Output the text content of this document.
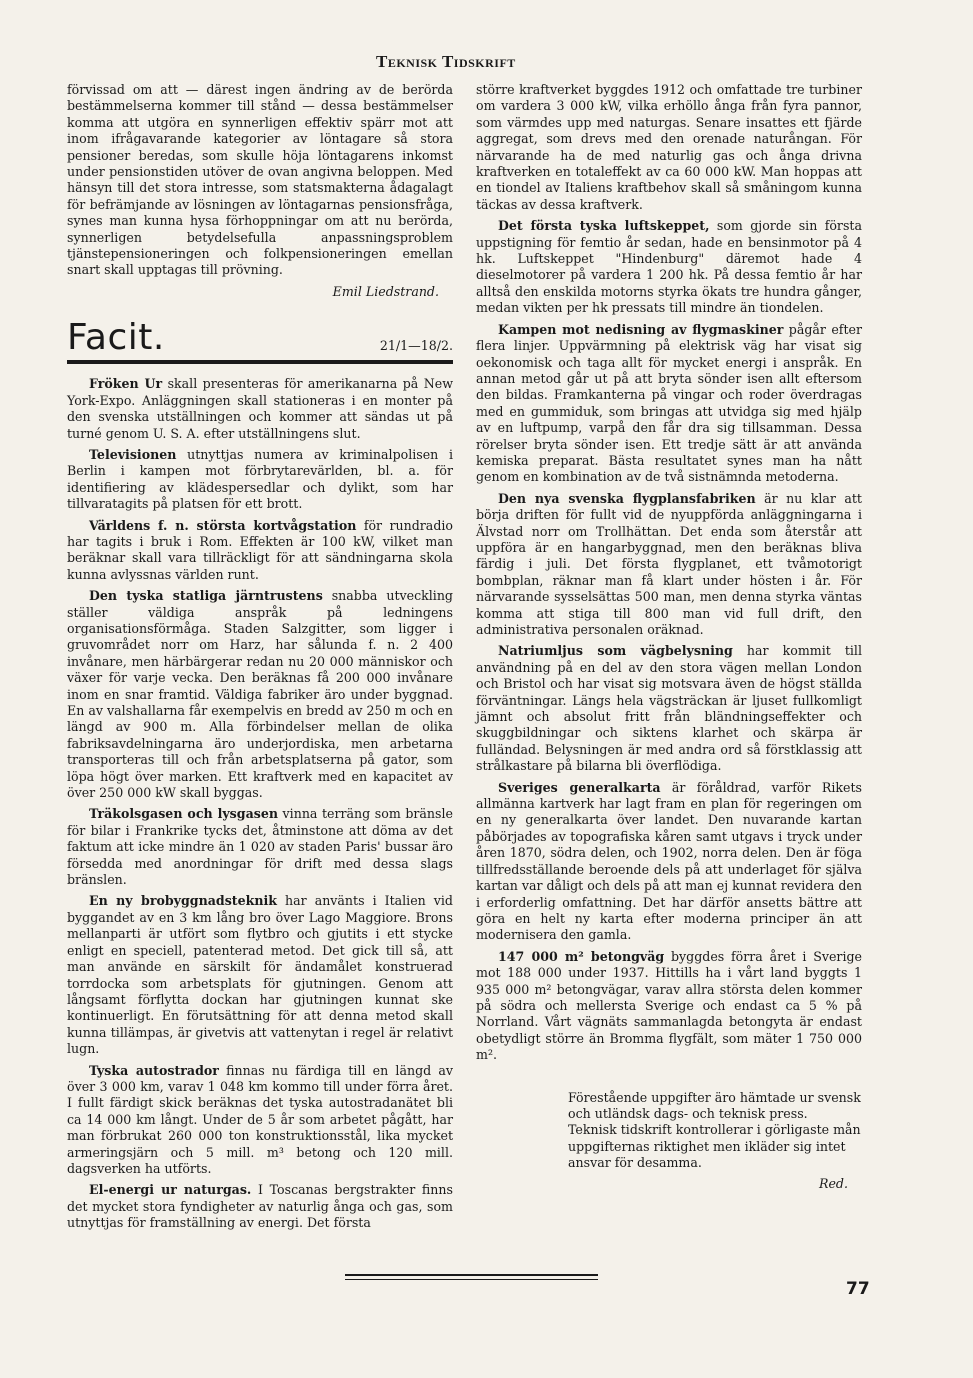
Teknisk Tidskrift

förvissad om att — därest ingen ändring av de berörda bestämmelserna kommer till stånd — dessa bestämmelser komma att utgöra en synnerligen effektiv spärr mot att inom ifrågavarande kategorier av löntagare så stora pensioner beredas, som skulle höja löntagarens inkomst under pensionstiden utöver de ovan angivna beloppen. Med hänsyn till det stora intresse, som statsmakterna ådagalagt för befrämjande av lösningen av löntagarnas pensionsfråga, synes man kunna hysa förhoppningar om att nu berörda, synnerligen betydelsefulla anpassningsproblem tjänstepensioneringen och folkpensioneringen emellan snart skall upptagas till prövning.

Emil Liedstrand.
Facit.	21/1—18/2.

Fröken Ur skall presenteras för amerikanarna på New York-Expo. Anläggningen skall stationeras i en monter på den svenska utställningen och kommer att sändas ut på turné genom U. S. A. efter utställningens slut.

Televisionen utnyttjas numera av kriminalpolisen i Berlin i kampen mot förbrytarevärlden, bl. a. för identifiering av klädespersedlar och dylikt, som har tillvaratagits på platsen för ett brott.

Världens f. n. största kortvågstation för rundradio har tagits i bruk i Rom. Effekten är 100 kW, vilket man beräknar skall vara tillräckligt för att sändningarna skola kunna avlyssnas världen runt.

Den tyska statliga järntrustens snabba utveckling ställer väldiga anspråk på ledningens organisationsförmåga. Staden Salzgitter, som ligger i gruvområdet norr om Harz, har sålunda f. n. 2 400 invånare, men härbärgerar redan nu 20 000 människor och växer för varje vecka. Den beräknas få 200 000 invånare inom en snar framtid. Väldiga fabriker äro under byggnad. En av valshallarna får exempelvis en bredd av 250 m och en längd av 900 m. Alla förbindelser mellan de olika fabriksavdelningarna äro underjordiska, men arbetarna transporteras till och från arbetsplatserna på gator, som löpa högt över marken. Ett kraftverk med en kapacitet av över 250 000 kW skall byggas.

Träkolsgasen och lysgasen vinna terräng som bränsle för bilar i Frankrike tycks det, åtminstone att döma av det faktum att icke mindre än 1 020 av staden Paris' bussar äro försedda med anordningar för drift med dessa slags bränslen.

En ny brobyggnadsteknik har använts i Italien vid byggandet av en 3 km lång bro över Lago Maggiore. Brons mellanparti är utfört som flytbro och gjutits i ett stycke enligt en speciell, patenterad metod. Det gick till så, att man använde en särskilt för ändamålet konstruerad torrdocka som arbetsplats för gjutningen. Genom att långsamt förflytta dockan har gjutningen kunnat ske kontinuerligt. En förutsättning för att denna metod skall kunna tillämpas, är givetvis att vattenytan i regel är relativt lugn.

Tyska autostrador finnas nu färdiga till en längd av över 3 000 km, varav 1 048 km kommo till under förra året. I fullt färdigt skick beräknas det tyska autostradanätet bli ca 14 000 km långt. Under de 5 år som arbetet pågått, har man förbrukat 260 000 ton konstruktionsstål, lika mycket armeringsjärn och 5 mill. m³ betong och 120 mill. dagsverken ha utförts.

El-energi ur naturgas. I Toscanas bergstrakter finns det mycket stora fyndigheter av naturlig ånga och gas, som utnyttjas för framställning av energi. Det första

större kraftverket byggdes 1912 och omfattade tre turbiner om vardera 3 000 kW, vilka erhöllo ånga från fyra pannor, som värmdes upp med naturgas. Senare insattes ett fjärde aggregat, som drevs med den orenade naturångan. För närvarande ha de med naturlig gas och ånga drivna kraftverken en totaleffekt av ca 60 000 kW. Man hoppas att en tiondel av Italiens kraftbehov skall så småningom kunna täckas av dessa kraftverk.

Det första tyska luftskeppet, som gjorde sin första uppstigning för femtio år sedan, hade en bensinmotor på 4 hk. Luftskeppet "Hindenburg" däremot hade 4 dieselmotorer på vardera 1 200 hk. På dessa femtio år har alltså den enskilda motorns styrka ökats tre hundra gånger, medan vikten per hk pressats till mindre än tiondelen.

Kampen mot nedisning av flygmaskiner pågår efter flera linjer. Uppvärmning på elektrisk väg har visat sig oekonomisk och taga allt för mycket energi i anspråk. En annan metod går ut på att bryta sönder isen allt eftersom den bildas. Framkanterna på vingar och roder överdragas med en gummiduk, som bringas att utvidga sig med hjälp av en luftpump, varpå den får dra sig tillsamman. Dessa rörelser bryta sönder isen. Ett tredje sätt är att använda kemiska preparat. Bästa resultatet synes man ha nått genom en kombination av de två sistnämnda metoderna.

Den nya svenska flygplansfabriken är nu klar att börja driften för fullt vid de nyuppförda anläggningarna i Älvstad norr om Trollhättan. Det enda som återstår att uppföra är en hangarbyggnad, men den beräknas bliva färdig i juli. Det första flygplanet, ett tvåmotorigt bombplan, räknar man få klart under hösten i år. För närvarande sysselsättas 500 man, men denna styrka väntas komma att stiga till 800 man vid full drift, den administrativa personalen oräknad.

Natriumljus som vägbelysning har kommit till användning på en del av den stora vägen mellan London och Bristol och har visat sig motsvara även de högst ställda förväntningar. Längs hela vägsträckan är ljuset fullkomligt jämnt och absolut fritt från bländningseffekter och skuggbildningar och siktens klarhet och skärpa är fulländad. Belysningen är med andra ord så förstklassig att strålkastare på bilarna bli överflödiga.

Sveriges generalkarta är föråldrad, varför Rikets allmänna kartverk har lagt fram en plan för regeringen om en ny generalkarta över landet. Den nuvarande kartan påbörjades av topografiska kåren samt utgavs i tryck under åren 1870, södra delen, och 1902, norra delen. Den är föga tillfredsställande beroende dels på att underlaget för själva kartan var dåligt och dels på att man ej kunnat revidera den i erforderlig omfattning. Det har därför ansetts bättre att göra en helt ny karta efter moderna principer än att modernisera den gamla.

147 000 m² betongväg byggdes förra året i Sverige mot 188 000 under 1937. Hittills ha i vårt land byggts 1 935 000 m² betongvägar, varav allra största delen kommer på södra och mellersta Sverige och endast ca 5 % på Norrland. Vårt vägnäts sammanlagda betongyta är endast obetydligt större än Bromma flygfält, som mäter 1 750 000 m².

Förestående uppgifter äro hämtade ur svensk och utländsk dags- och teknisk press.

Teknisk tidskrift kontrollerar i görligaste mån uppgifternas riktighet men ikläder sig intet ansvar för desamma.

Red.
77
